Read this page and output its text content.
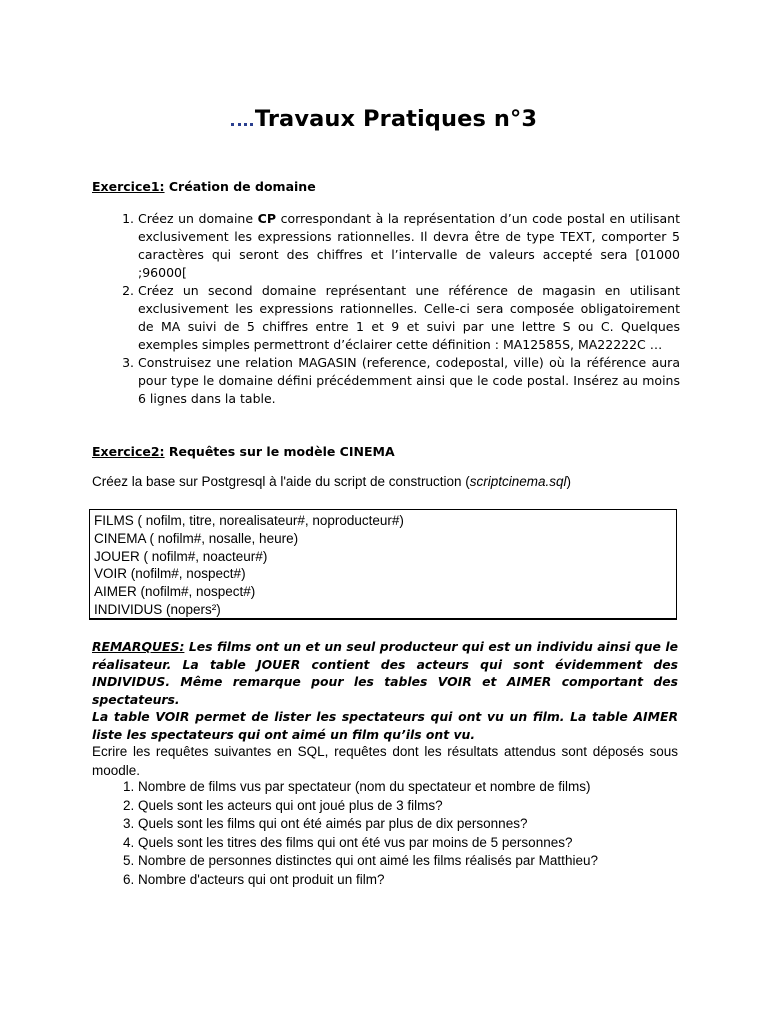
Travaux Pratiques n°3
Exercice1: Création de domaine
1. Créez un domaine CP correspondant à la représentation d’un code postal en utilisant exclusivement les expressions rationnelles. Il devra être de type TEXT, comporter 5 caractères qui seront des chiffres et l’intervalle de valeurs accepté sera [01000 ;96000[
2. Créez un second domaine représentant une référence de magasin en utilisant exclusivement les expressions rationnelles. Celle-ci sera composée obligatoirement de MA suivi de 5 chiffres entre 1 et 9 et suivi par une lettre S ou C. Quelques exemples simples permettront d’éclairer cette définition : MA12585S, MA22222C …
3. Construisez une relation MAGASIN (reference, codepostal, ville) où la référence aura pour type le domaine défini précédemment ainsi que le code postal. Insérez au moins 6 lignes dans la table.
Exercice2: Requêtes sur le modèle CINEMA
Créez la base sur Postgresql à l'aide du script de construction (scriptcinema.sql)
FILMS ( nofilm, titre, norealisateur#, noproducteur#)
CINEMA ( nofilm#, nosalle, heure)
JOUER ( nofilm#, noacteur#)
VOIR (nofilm#, nospect#)
AIMER (nofilm#, nospect#)
INDIVIDUS (nopers²)

REMARQUES: Les films ont un et un seul producteur qui est un individu ainsi que le réalisateur. La table JOUER contient des acteurs qui sont évidemment des INDIVIDUS. Même remarque pour les tables VOIR et AIMER comportant des spectateurs.

La table VOIR permet de lister les spectateurs qui ont vu un film. La table AIMER liste les spectateurs qui ont aimé un film qu’ils ont vu.

Ecrire les requêtes suivantes en SQL, requêtes dont les résultats attendus sont déposés sous moodle.
1. Nombre de films vus par spectateur (nom du spectateur et nombre de films)
2. Quels sont les acteurs qui ont joué plus de 3 films?
3. Quels sont les films qui ont été aimés par plus de dix personnes?
4. Quels sont les titres des films qui ont été vus par moins de 5 personnes?
5. Nombre de personnes distinctes qui ont aimé les films réalisés par Matthieu?
6. Nombre d'acteurs qui ont produit un film?
